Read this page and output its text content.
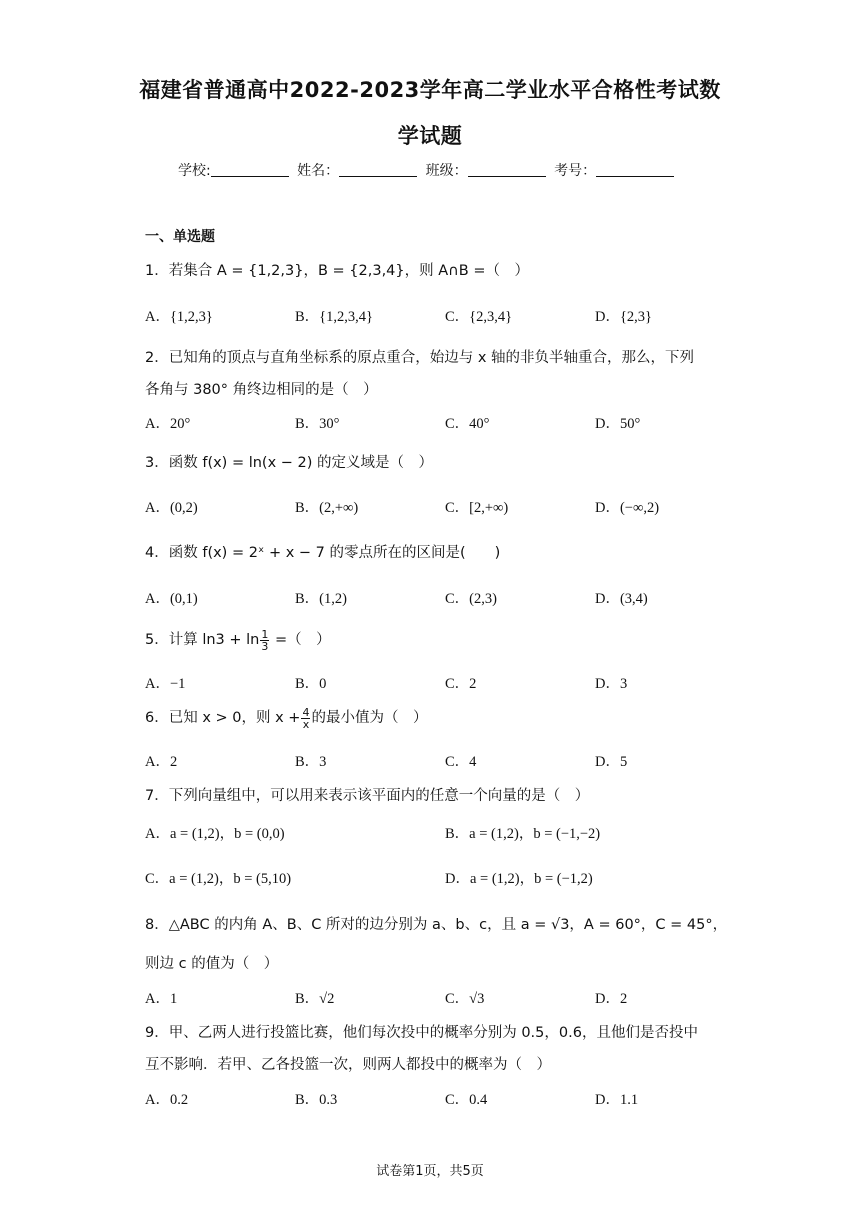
福建省普通高中2022-2023学年高二学业水平合格性考试数
学试题
学校:	姓名：	班级：	考号：
一、单选题
1．若集合 A = {1,2,3}，B = {2,3,4}，则 A∩B =（　）
A．{1,2,3}	B．{1,2,3,4}	C．{2,3,4}	D．{2,3}
2．已知角的顶点与直角坐标系的原点重合，始边与 x 轴的非负半轴重合，那么，下列
各角与 380° 角终边相同的是（　）
A．20°	B．30°	C．40°	D．50°
3．函数 f(x) = ln(x − 2) 的定义域是（　）
A．(0,2)	B．(2,+∞)	C．[2,+∞)	D．(−∞,2)
4．函数 f(x) = 2ˣ + x − 7 的零点所在的区间是(　　)
A．(0,1)	B．(1,2)	C．(2,3)	D．(3,4)
5．计算 $\ln 3 + \ln \frac{1}{3}$ =（　）
A．−1	B．0	C．2	D．3
6．已知 x > 0，则 $x + \frac{4}{x}$ 的最小值为（　）
A．2	B．3	C．4	D．5
7．下列向量组中，可以用来表示该平面内的任意一个向量的是（　）
A．a = (1,2)，b = (0,0)	B．a = (1,2)，b = (−1,−2)
C．a = (1,2)，b = (5,10)	D．a = (1,2)，b = (−1,2)
8．△ABC 的内角 A、B、C 所对的边分别为 a、b、c，且 a = √3，A = 60°，C = 45°，
则边 c 的值为（　）
A．1	B．√2	C．√3	D．2
9．甲、乙两人进行投篮比赛，他们每次投中的概率分别为 0.5，0.6，且他们是否投中
互不影响．若甲、乙各投篮一次，则两人都投中的概率为（　）
A．0.2	B．0.3	C．0.4	D．1.1
试卷第1页，共5页
